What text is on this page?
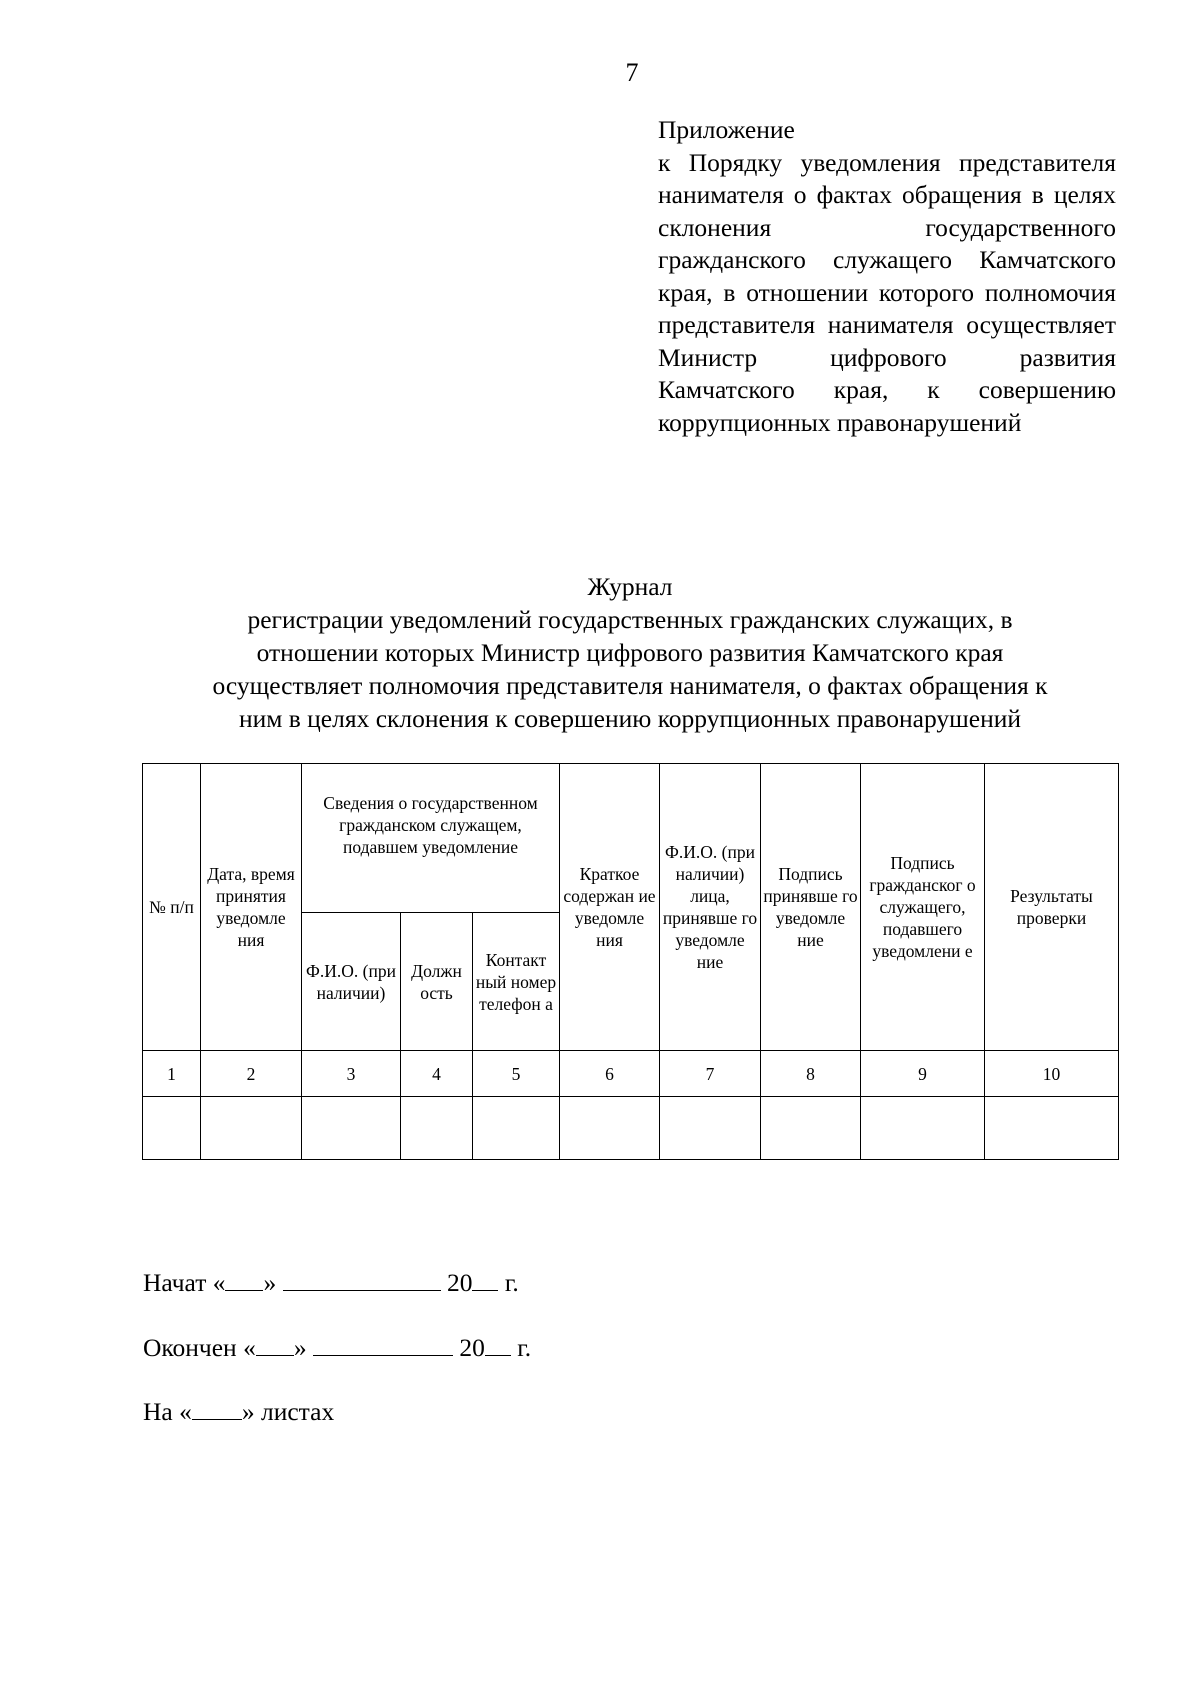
7
Приложение
к Порядку уведомления представителя нанимателя о фактах обращения в целях склонения государственного гражданского служащего Камчатского края, в отношении которого полномочия представителя нанимателя осуществляет Министр цифрового развития Камчатского края, к совершению коррупционных правонарушений
Журнал
регистрации уведомлений государственных гражданских служащих, в
отношении которых Министр цифрового развития Камчатского края
осуществляет полномочия представителя нанимателя, о фактах обращения к
ним в целях склонения к совершению коррупционных правонарушений
№ п/п	Дата, время принятия уведомле ния	Сведения о государственном гражданском служащем, подавшем уведомление			Краткое содержан ие уведомле ния	Ф.И.О. (при наличии) лица, принявше го уведомле ние	Подпись принявше го уведомле ние	Подпись гражданског о служащего, подавшего уведомлени е	Результаты проверки
		Ф.И.О. (при наличии)	Должн ость	Контакт ный номер телефон а					
1	2	3	4	5	6	7	8	9	10

Начат « »	20 г.
Окончен « »	20 г.
На « » листах
